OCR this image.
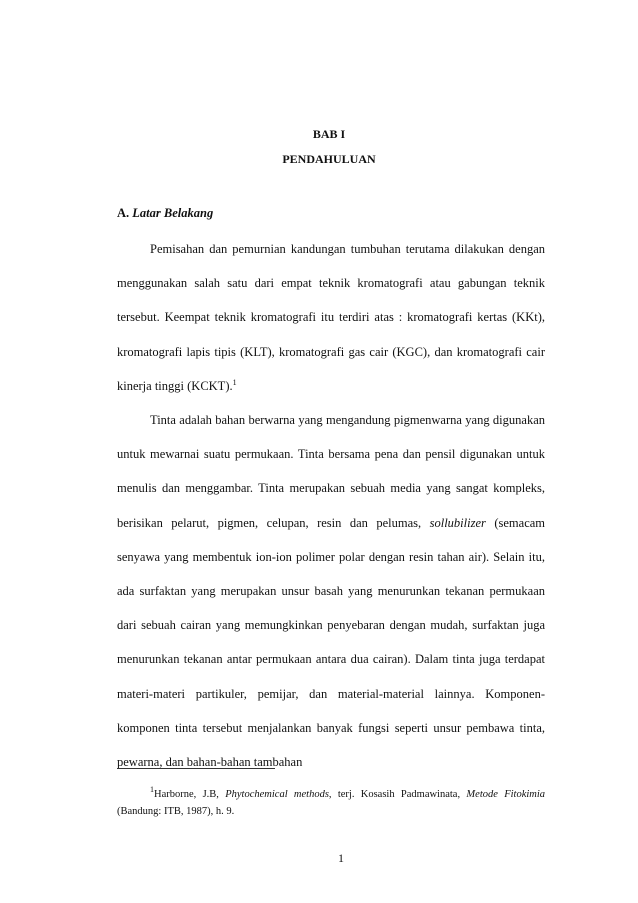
BAB I
PENDAHULUAN
A. Latar Belakang

Pemisahan dan pemurnian kandungan tumbuhan terutama dilakukan dengan menggunakan salah satu dari empat teknik kromatografi atau gabungan teknik tersebut. Keempat teknik kromatografi itu terdiri atas : kromatografi kertas (KKt), kromatografi lapis tipis (KLT), kromatografi gas cair (KGC), dan kromatografi cair kinerja tinggi (KCKT).$^1$

Tinta adalah bahan berwarna yang mengandung pigmenwarna yang digunakan untuk mewarnai suatu permukaan. Tinta bersama pena dan pensil digunakan untuk menulis dan menggambar. Tinta merupakan sebuah media yang sangat kompleks, berisikan pelarut, pigmen, celupan, resin dan pelumas, sollubilizer (semacam senyawa yang membentuk ion-ion polimer polar dengan resin tahan air). Selain itu, ada surfaktan yang merupakan unsur basah yang menurunkan tekanan permukaan dari sebuah cairan yang memungkinkan penyebaran dengan mudah, surfaktan juga menurunkan tekanan antar permukaan antara dua cairan). Dalam tinta juga terdapat materi-materi partikuler, pemijar, dan material-material lainnya. Komponen-komponen tinta tersebut menjalankan banyak fungsi seperti unsur pembawa tinta, pewarna, dan bahan-bahan tambahan

$^1$Harborne, J.B, Phytochemical methods, terj. Kosasih Padmawinata, Metode Fitokimia (Bandung: ITB, 1987), h. 9.

1
